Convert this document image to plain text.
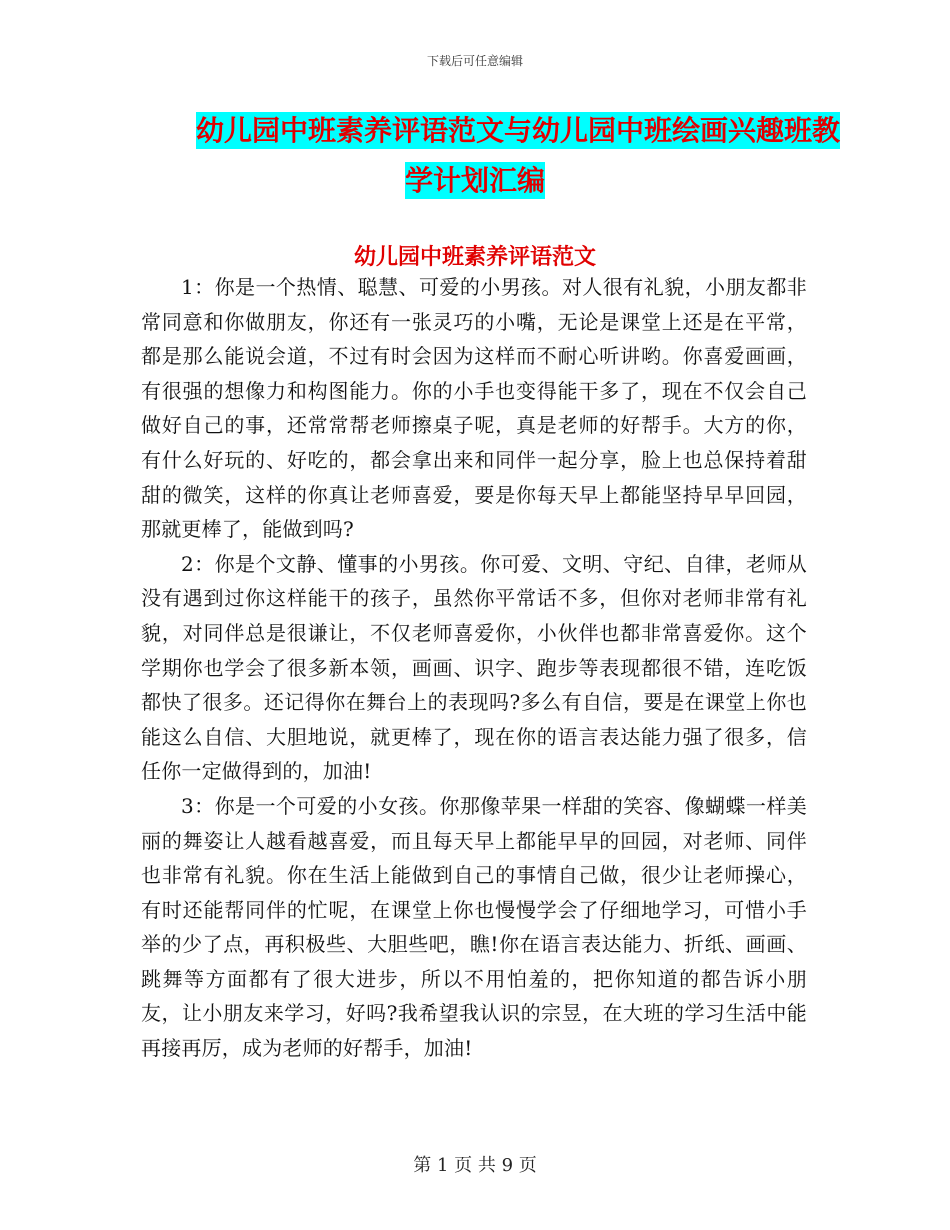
下载后可任意编辑
幼儿园中班素养评语范文与幼儿园中班绘画兴趣班教
学计划汇编
幼儿园中班素养评语范文

1：你是一个热情、聪慧、可爱的小男孩。对人很有礼貌，小朋友都非常同意和你做朋友，你还有一张灵巧的小嘴，无论是课堂上还是在平常，都是那么能说会道，不过有时会因为这样而不耐心听讲哟。你喜爱画画，有很强的想像力和构图能力。你的小手也变得能干多了，现在不仅会自己做好自己的事，还常常帮老师擦桌子呢，真是老师的好帮手。大方的你，有什么好玩的、好吃的，都会拿出来和同伴一起分享，脸上也总保持着甜甜的微笑，这样的你真让老师喜爱，要是你每天早上都能坚持早早回园，那就更棒了，能做到吗?

2：你是个文静、懂事的小男孩。你可爱、文明、守纪、自律，老师从没有遇到过你这样能干的孩子，虽然你平常话不多，但你对老师非常有礼貌，对同伴总是很谦让，不仅老师喜爱你，小伙伴也都非常喜爱你。这个学期你也学会了很多新本领，画画、识字、跑步等表现都很不错，连吃饭都快了很多。还记得你在舞台上的表现吗?多么有自信，要是在课堂上你也能这么自信、大胆地说，就更棒了，现在你的语言表达能力强了很多，信任你一定做得到的，加油!

3：你是一个可爱的小女孩。你那像苹果一样甜的笑容、像蝴蝶一样美丽的舞姿让人越看越喜爱，而且每天早上都能早早的回园，对老师、同伴也非常有礼貌。你在生活上能做到自己的事情自己做，很少让老师操心，有时还能帮同伴的忙呢，在课堂上你也慢慢学会了仔细地学习，可惜小手举的少了点，再积极些、大胆些吧，瞧!你在语言表达能力、折纸、画画、跳舞等方面都有了很大进步，所以不用怕羞的，把你知道的都告诉小朋友，让小朋友来学习，好吗?我希望我认识的宗昱，在大班的学习生活中能再接再厉，成为老师的好帮手，加油!

第 1 页 共 9 页
